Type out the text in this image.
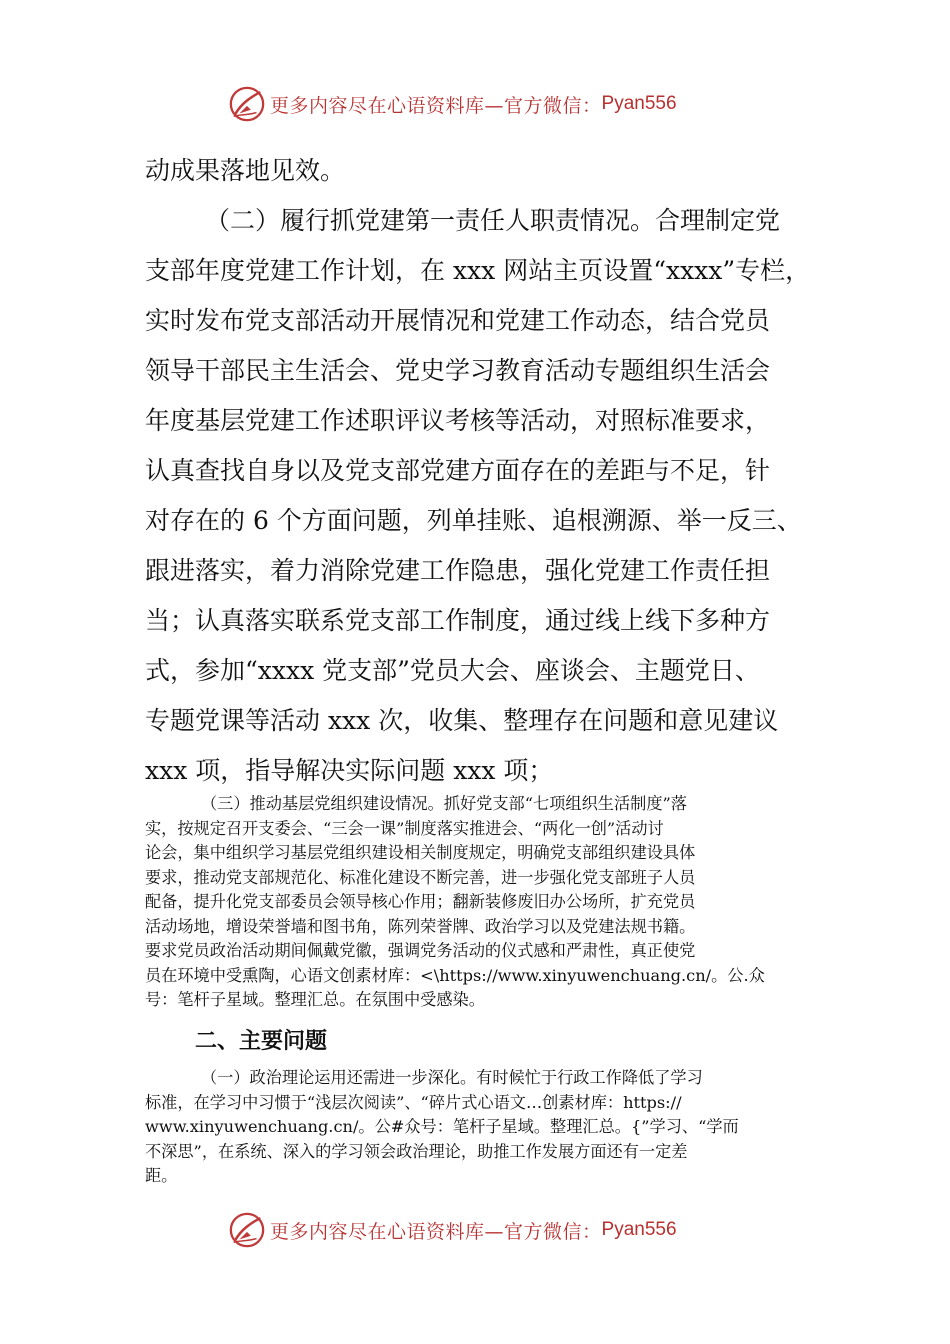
更多内容尽在心语资料库—官方微信： Pyan556

动成果落地见效。

（二）履行抓党建第一责任人职责情况。合理制定党

支部年度党建工作计划，在 xxx 网站主页设置“xxxx”专栏，

实时发布党支部活动开展情况和党建工作动态，结合党员

领导干部民主生活会、党史学习教育活动专题组织生活会

年度基层党建工作述职评议考核等活动，对照标准要求，

认真查找自身以及党支部党建方面存在的差距与不足，针

对存在的 6 个方面问题，列单挂账、追根溯源、举一反三、

跟进落实，着力消除党建工作隐患，强化党建工作责任担

当；认真落实联系党支部工作制度，通过线上线下多种方

式，参加“xxxx 党支部”党员大会、座谈会、主题党日、

专题党课等活动 xxx 次，收集、整理存在问题和意见建议

xxx 项，指导解决实际问题 xxx 项；

（三）推动基层党组织建设情况。抓好党支部“七项组织生活制度”落

实，按规定召开支委会、“三会一课”制度落实推进会、“两化一创”活动讨

论会，集中组织学习基层党组织建设相关制度规定，明确党支部组织建设具体

要求，推动党支部规范化、标准化建设不断完善，进一步强化党支部班子人员

配备，提升化党支部委员会领导核心作用；翻新装修废旧办公场所，扩充党员

活动场地，增设荣誉墙和图书角，陈列荣誉牌、政治学习以及党建法规书籍。

要求党员政治活动期间佩戴党徽，强调党务活动的仪式感和严肃性，真正使党

员在环境中受熏陶，心语文创素材库：<\https://www.xinyuwenchuang.cn/。公.众

号：笔杆子星域。整理汇总。在氛围中受感染。

二、主要问题

（一）政治理论运用还需进一步深化。有时候忙于行政工作降低了学习

标准，在学习中习惯于“浅层次阅读”、“碎片式心语文…创素材库：https://

www.xinyuwenchuang.cn/。公#众号：笔杆子星域。整理汇总。{”学习、“学而

不深思”，在系统、深入的学习领会政治理论，助推工作发展方面还有一定差

距。

更多内容尽在心语资料库—官方微信： Pyan556
